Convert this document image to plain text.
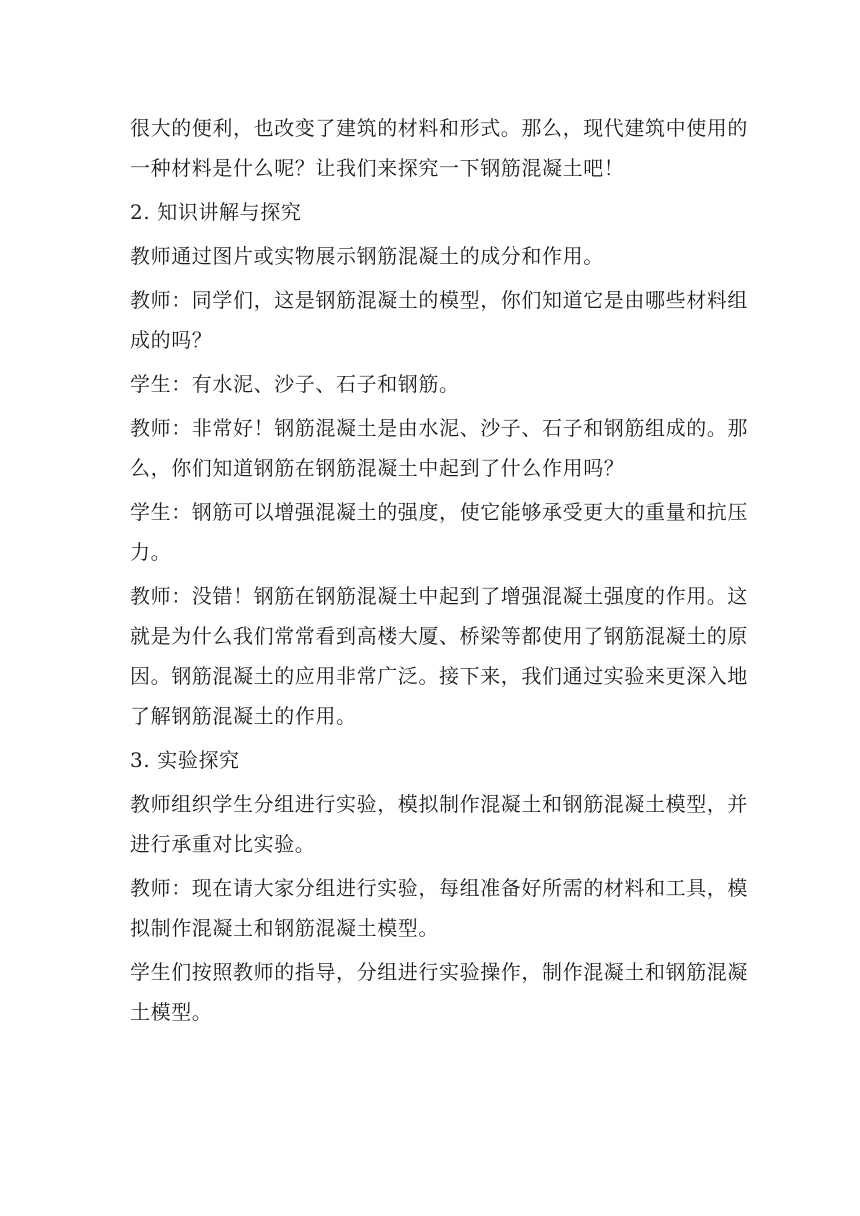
很大的便利，也改变了建筑的材料和形式。那么，现代建筑中使用的
一种材料是什么呢？让我们来探究一下钢筋混凝土吧！
2. 知识讲解与探究
教师通过图片或实物展示钢筋混凝土的成分和作用。
教师：同学们，这是钢筋混凝土的模型，你们知道它是由哪些材料组
成的吗？
学生：有水泥、沙子、石子和钢筋。
教师：非常好！钢筋混凝土是由水泥、沙子、石子和钢筋组成的。那
么，你们知道钢筋在钢筋混凝土中起到了什么作用吗？
学生：钢筋可以增强混凝土的强度，使它能够承受更大的重量和抗压
力。
教师：没错！钢筋在钢筋混凝土中起到了增强混凝土强度的作用。这
就是为什么我们常常看到高楼大厦、桥梁等都使用了钢筋混凝土的原
因。钢筋混凝土的应用非常广泛。接下来，我们通过实验来更深入地
了解钢筋混凝土的作用。
3. 实验探究
教师组织学生分组进行实验，模拟制作混凝土和钢筋混凝土模型，并
进行承重对比实验。
教师：现在请大家分组进行实验，每组准备好所需的材料和工具，模
拟制作混凝土和钢筋混凝土模型。
学生们按照教师的指导，分组进行实验操作，制作混凝土和钢筋混凝
土模型。
